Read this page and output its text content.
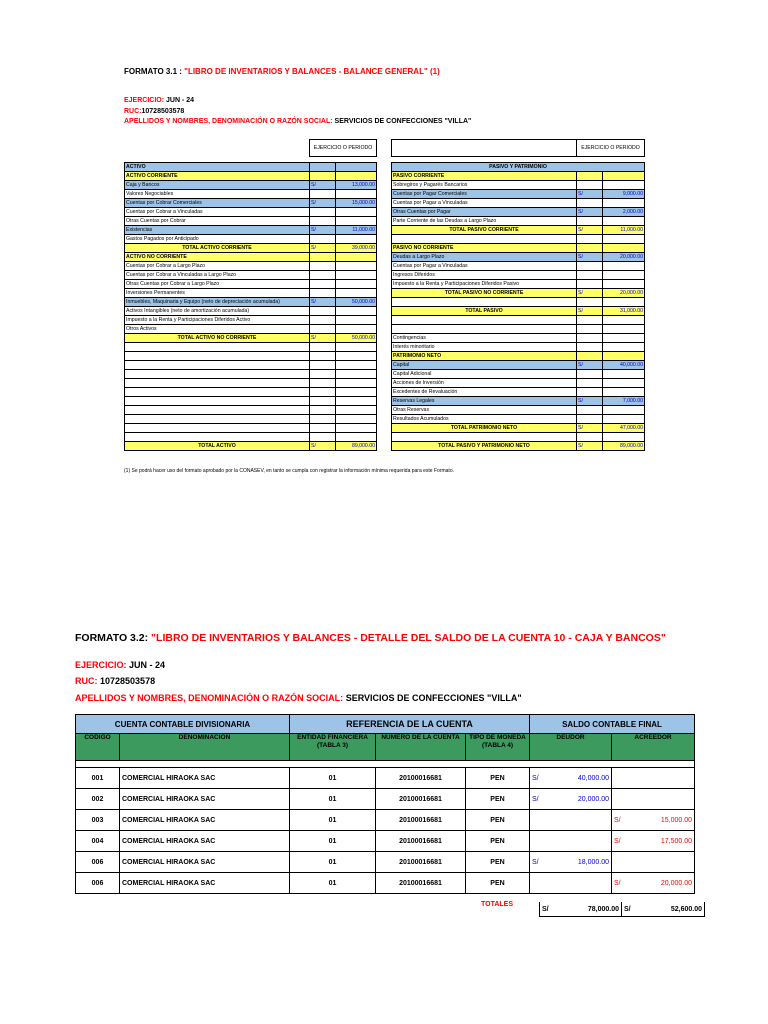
FORMATO 3.1 : "LIBRO DE INVENTARIOS Y BALANCES - BALANCE GENERAL" (1)
EJERCICIO: JUN - 24
RUC:10728503578
APELLIDOS Y NOMBRES, DENOMINACIÓN O RAZÓN SOCIAL: SERVICIOS DE CONFECCIONES "VILLA"
	EJERCICIO O PERIODO	

ACTIVO		
ACTIVO CORRIENTE		
Caja y Bancos	S/	13,000.00
Valores Negociables		
Cuentas por Cobrar Comerciales	S/	15,000.00
Cuentas por Cobrar a Vinculadas		
Otras Cuentas por Cobrar		
Existencias	S/	11,000.00
Gastos Pagados por Anticipado		
TOTAL ACTIVO CORRIENTE	S/	39,000.00
ACTIVO NO CORRIENTE		
Cuentas por Cobrar a Largo Plazo		
Cuentas por Cobrar a Vinculadas a Largo Plazo		
Otras Cuentas por Cobrar a Largo Plazo		
Inversiones Permanentes		
Inmuebles, Maquinaria y Equipo (neto de depreciación acumulada)	S/	50,000.00
Activos Intangibles (neto de amortización acumulada)		
Impuesto a la Renta y Participaciones Diferidos Activo		
Otros Activos		
TOTAL ACTIVO NO CORRIENTE	S/	50,000.00

TOTAL ACTIVO	S/	89,000.00
	EJERCICIO O PERIODO	

PASIVO Y PATRIMONIO		
PASIVO CORRIENTE		
Sobregiros y Pagarés Bancarios		
Cuentas por Pagar Comerciales	S/	9,000.00
Cuentas por Pagar a Vinculadas		
Otras Cuentas por Pagar	S/	2,000.00
Parte Corriente de las Deudas a Largo Plazo		
TOTAL PASIVO CORRIENTE	S/	11,000.00

PASIVO NO CORRIENTE		
Deudas a Largo Plazo	S/	20,000.00
Cuentas por Pagar a Vinculadas		
Ingresos Diferidos		
Impuesto a la Renta y Participaciones Diferidos Pasivo		
TOTAL PASIVO NO CORRIENTE	S/	20,000.00

TOTAL PASIVO	S/	31,000.00

Contingencias		
Interés minoritario		
PATRIMONIO NETO		
Capital	S/	40,000.00
Capital Adicional		
Acciones de Inversión		
Excedentes de Revaluación		
Reservas Legales	S/	7,000.00
Otras Reservas		
Resultados Acumulados		
TOTAL PATRIMONIO NETO	S/	47,000.00

TOTAL PASIVO Y PATRIMONIO NETO	S/	89,000.00
(1) Se podrá hacer uso del formato aprobado por la CONASEV, en tanto se cumpla con registrar la información mínima requerida para este Formato.
FORMATO 3.2: "LIBRO DE INVENTARIOS Y BALANCES - DETALLE DEL SALDO DE LA CUENTA 10 - CAJA Y BANCOS"
EJERCICIO: JUN - 24
RUC: 10728503578
APELLIDOS Y NOMBRES, DENOMINACIÓN O RAZÓN SOCIAL: SERVICIOS DE CONFECCIONES "VILLA"
CUENTA CONTABLE DIVISIONARIA		REFERENCIA DE LA CUENTA			SALDO CONTABLE FINAL	
CÓDIGO	DENOMINACIÓN	ENTIDAD FINANCIERA (TABLA 3)	NUMERO DE LA CUENTA	TIPO DE MONEDA (TABLA 4)	DEUDOR	ACREEDOR

001	COMERCIAL HIRAOKA SAC	01	20100016681	PEN	S/ 40,000.00	

002	COMERCIAL HIRAOKA SAC	01	20100016681	PEN	S/ 20,000.00	

003	COMERCIAL HIRAOKA SAC	01	20100016681	PEN		S/ 15,000.00

004	COMERCIAL HIRAOKA SAC	01	20100016681	PEN		S/ 17,500.00

006	COMERCIAL HIRAOKA SAC	01	20100016681	PEN	S/ 18,000.00	

006	COMERCIAL HIRAOKA SAC	01	20100016681	PEN		S/ 20,000.00
TOTALES
S/	78,000.00	S/	52,600.00
